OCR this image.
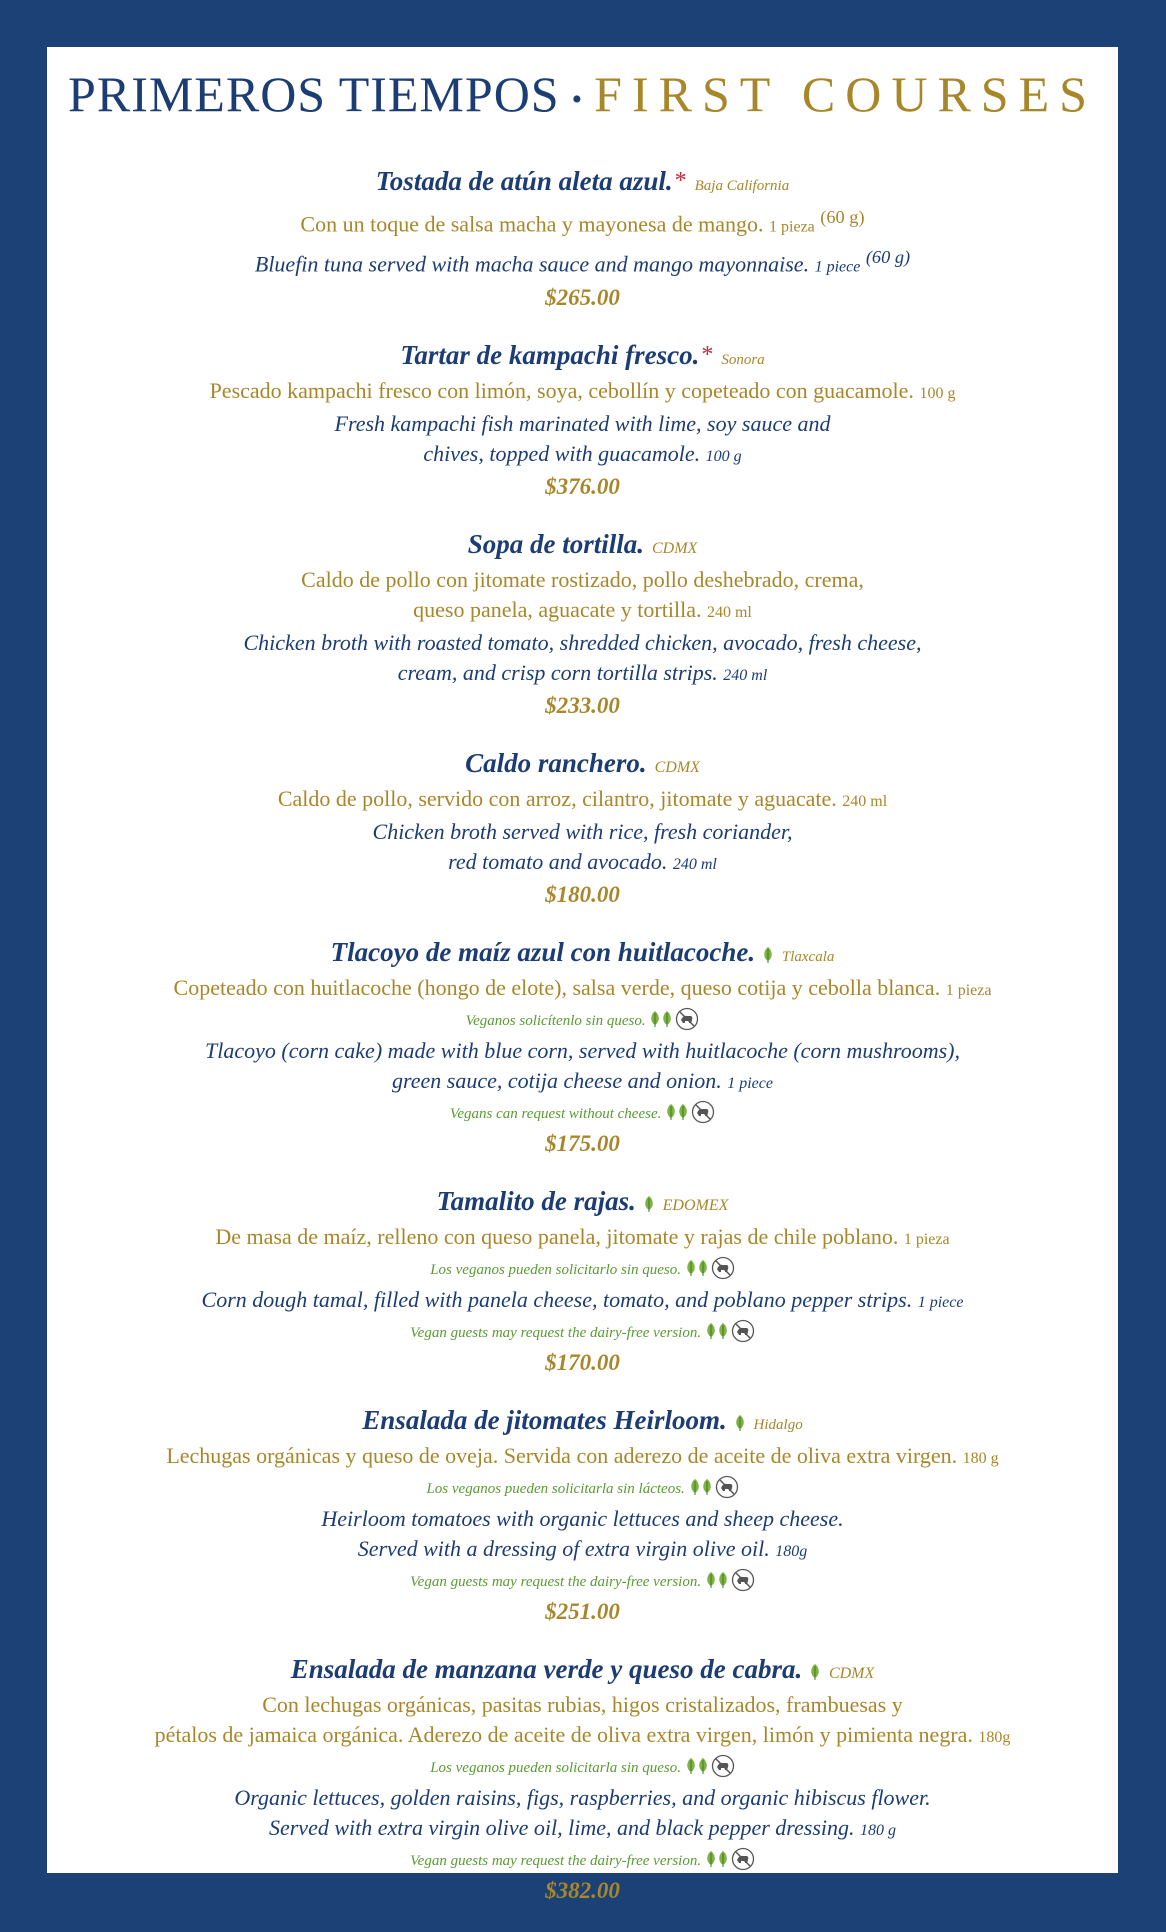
PRIMEROS TIEMPOS • FIRST COURSES
Tostada de atún aleta azul.* Baja California
Con un toque de salsa macha y mayonesa de mango. 1 pieza $^{(60 g)}$
Bluefin tuna served with macha sauce and mango mayonnaise. 1 piece $^{(60 g)}$
$265.00
Tartar de kampachi fresco.* Sonora
Pescado kampachi fresco con limón, soya, cebollín y copeteado con guacamole. 100 g
Fresh kampachi fish marinated with lime, soy sauce and
chives, topped with guacamole. 100 g
$376.00
Sopa de tortilla. CDMX
Caldo de pollo con jitomate rostizado, pollo deshebrado, crema,
queso panela, aguacate y tortilla. 240 ml
Chicken broth with roasted tomato, shredded chicken, avocado, fresh cheese,
cream, and crisp corn tortilla strips. 240 ml
$233.00
Caldo ranchero. CDMX
Caldo de pollo, servido con arroz, cilantro, jitomate y aguacate. 240 ml
Chicken broth served with rice, fresh coriander,
red tomato and avocado. 240 ml
$180.00
Tlacoyo de maíz azul con huitlacoche. Tlaxcala
Copeteado con huitlacoche (hongo de elote), salsa verde, queso cotija y cebolla blanca. 1 pieza
Veganos solicítenlo sin queso.
Tlacoyo (corn cake) made with blue corn, served with huitlacoche (corn mushrooms),
green sauce, cotija cheese and onion. 1 piece
Vegans can request without cheese.
$175.00
Tamalito de rajas. EDOMEX
De masa de maíz, relleno con queso panela, jitomate y rajas de chile poblano. 1 pieza
Los veganos pueden solicitarlo sin queso.
Corn dough tamal, filled with panela cheese, tomato, and poblano pepper strips. 1 piece
Vegan guests may request the dairy-free version.
$170.00
Ensalada de jitomates Heirloom. Hidalgo
Lechugas orgánicas y queso de oveja. Servida con aderezo de aceite de oliva extra virgen. 180 g
Los veganos pueden solicitarla sin lácteos.
Heirloom tomatoes with organic lettuces and sheep cheese.
Served with a dressing of extra virgin olive oil. 180g
Vegan guests may request the dairy-free version.
$251.00
Ensalada de manzana verde y queso de cabra. CDMX
Con lechugas orgánicas, pasitas rubias, higos cristalizados, frambuesas y
pétalos de jamaica orgánica. Aderezo de aceite de oliva extra virgen, limón y pimienta negra. 180g
Los veganos pueden solicitarla sin queso.
Organic lettuces, golden raisins, figs, raspberries, and organic hibiscus flower.
Served with extra virgin olive oil, lime, and black pepper dressing. 180 g
Vegan guests may request the dairy-free version.
$382.00
